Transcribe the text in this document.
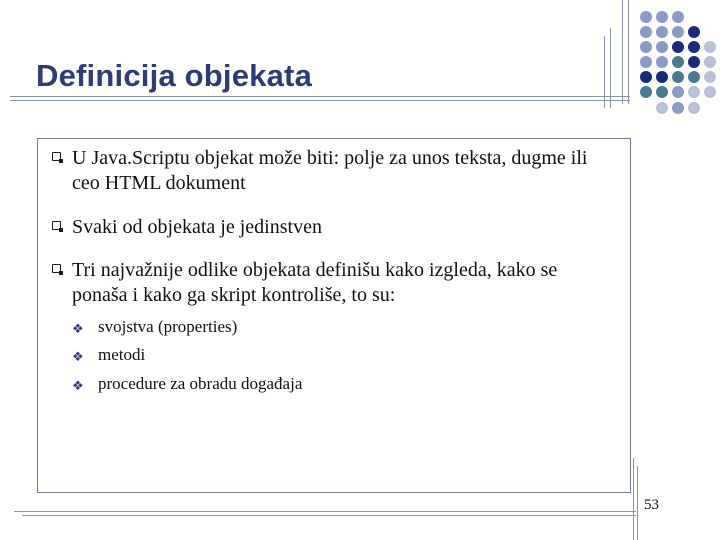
Definicija objekata
U Java.Scriptu objekat može biti: polje za unos teksta, dugme ili ceo HTML dokument
Svaki od objekata je jedinstven
Tri najvažnije odlike objekata definišu kako izgleda, kako se ponaša i kako ga skript kontroliše, to su:
❖ svojstva (properties)
❖ metodi
❖ procedure za obradu događaja
53
